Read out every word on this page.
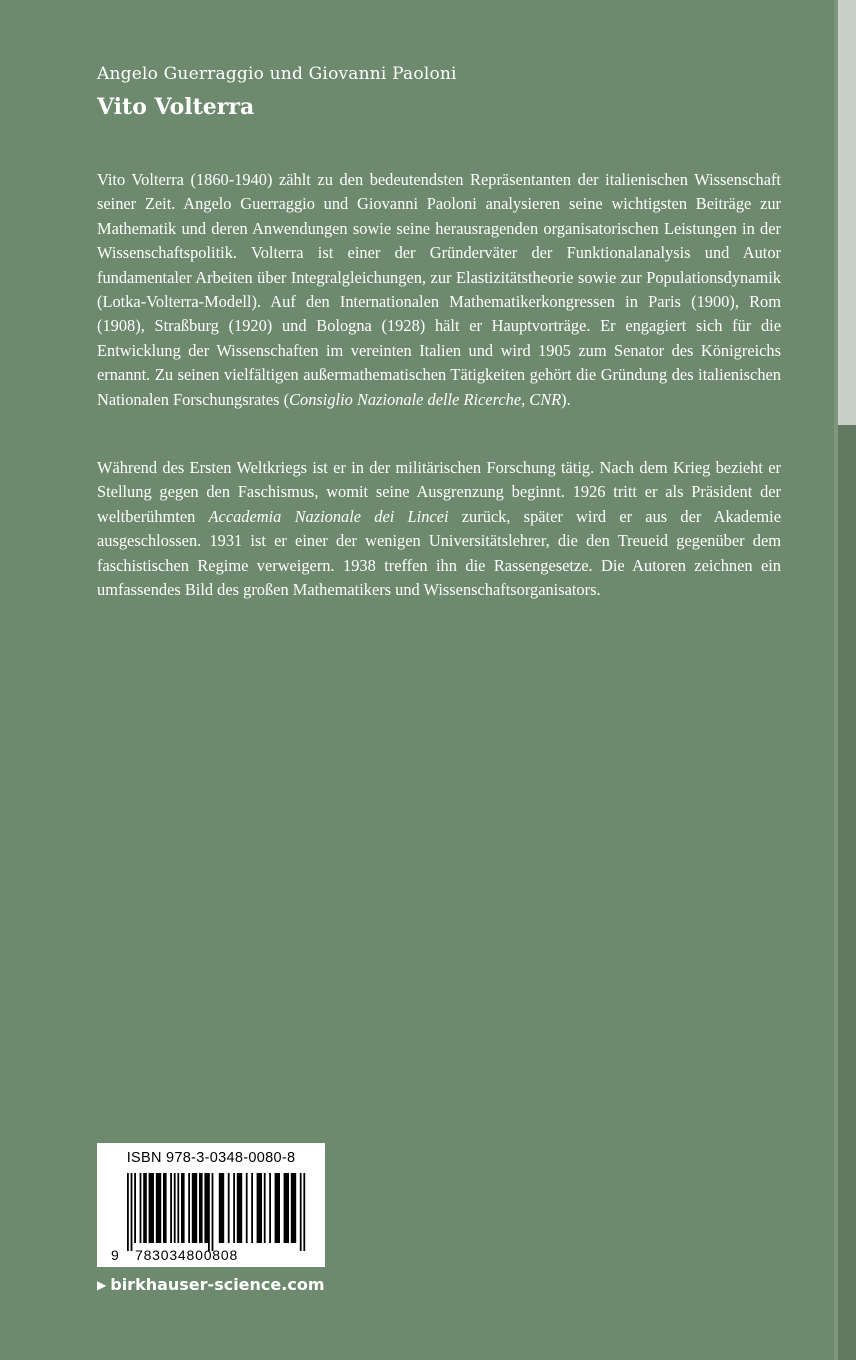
Angelo Guerraggio und Giovanni Paoloni
Vito Volterra
Vito Volterra (1860-1940) zählt zu den bedeutendsten Repräsentanten der italienischen Wissenschaft seiner Zeit. Angelo Guerraggio und Giovanni Paoloni analysieren seine wichtigsten Beiträge zur Mathematik und deren Anwendungen sowie seine herausragenden organisatorischen Leistungen in der Wissenschaftspolitik. Volterra ist einer der Gründerväter der Funktionalanalysis und Autor fundamentaler Arbeiten über Integralgleichungen, zur Elastizitätstheorie sowie zur Populationsdynamik (Lotka-Volterra-Modell). Auf den Internationalen Mathematikerkongressen in Paris (1900), Rom (1908), Straßburg (1920) und Bologna (1928) hält er Hauptvorträge. Er engagiert sich für die Entwicklung der Wissenschaften im vereinten Italien und wird 1905 zum Senator des Königreichs ernannt. Zu seinen vielfältigen außermathematischen Tätigkeiten gehört die Gründung des italienischen Nationalen Forschungsrates (Consiglio Nazionale delle Ricerche, CNR).
Während des Ersten Weltkriegs ist er in der militärischen Forschung tätig. Nach dem Krieg bezieht er Stellung gegen den Faschismus, womit seine Ausgrenzung beginnt. 1926 tritt er als Präsident der weltberühmten Accademia Nazionale dei Lincei zurück, später wird er aus der Akademie ausgeschlossen. 1931 ist er einer der wenigen Universitätslehrer, die den Treueid gegenüber dem faschistischen Regime verweigern. 1938 treffen ihn die Rassengesetze. Die Autoren zeichnen ein umfassendes Bild des großen Mathematikers und Wissenschaftsorganisators.
ISBN 978-3-0348-0080-8
9 783034800808
▶ birkhauser-science.com
